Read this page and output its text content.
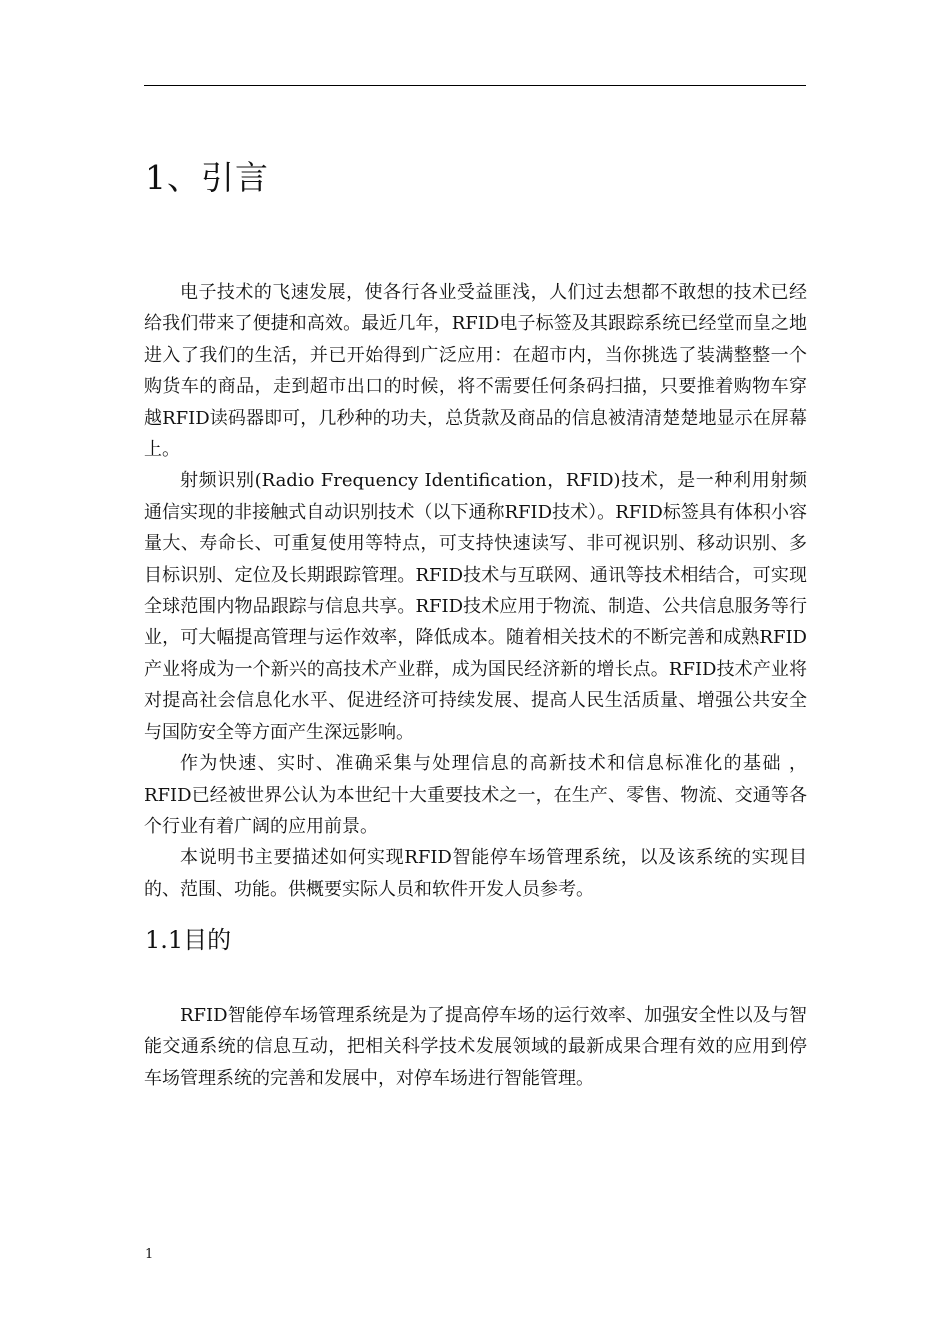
1、引言

电子技术的飞速发展，使各行各业受益匪浅，人们过去想都不敢想的技术已经给我们带来了便捷和高效。最近几年，RFID电子标签及其跟踪系统已经堂而皇之地进入了我们的生活，并已开始得到广泛应用：在超市内，当你挑选了装满整整一个购货车的商品，走到超市出口的时候，将不需要任何条码扫描，只要推着购物车穿越RFID读码器即可，几秒种的功夫，总货款及商品的信息被清清楚楚地显示在屏幕上。

射频识别(Radio Frequency Identification，RFID)技术，是一种利用射频通信实现的非接触式自动识别技术（以下通称RFID技术）。RFID标签具有体积小容量大、寿命长、可重复使用等特点，可支持快速读写、非可视识别、移动识别、多目标识别、定位及长期跟踪管理。RFID技术与互联网、通讯等技术相结合，可实现全球范围内物品跟踪与信息共享。RFID技术应用于物流、制造、公共信息服务等行业，可大幅提高管理与运作效率，降低成本。随着相关技术的不断完善和成熟RFID产业将成为一个新兴的高技术产业群，成为国民经济新的增长点。RFID技术产业将对提高社会信息化水平、促进经济可持续发展、提高人民生活质量、增强公共安全与国防安全等方面产生深远影响。

作为快速、实时、准确采集与处理信息的高新技术和信息标准化的基础 ，RFID已经被世界公认为本世纪十大重要技术之一，在生产、零售、物流、交通等各个行业有着广阔的应用前景。

本说明书主要描述如何实现RFID智能停车场管理系统，以及该系统的实现目的、范围、功能。供概要实际人员和软件开发人员参考。

1.1目的

RFID智能停车场管理系统是为了提高停车场的运行效率、加强安全性以及与智能交通系统的信息互动，把相关科学技术发展领域的最新成果合理有效的应用到停车场管理系统的完善和发展中，对停车场进行智能管理。

1
